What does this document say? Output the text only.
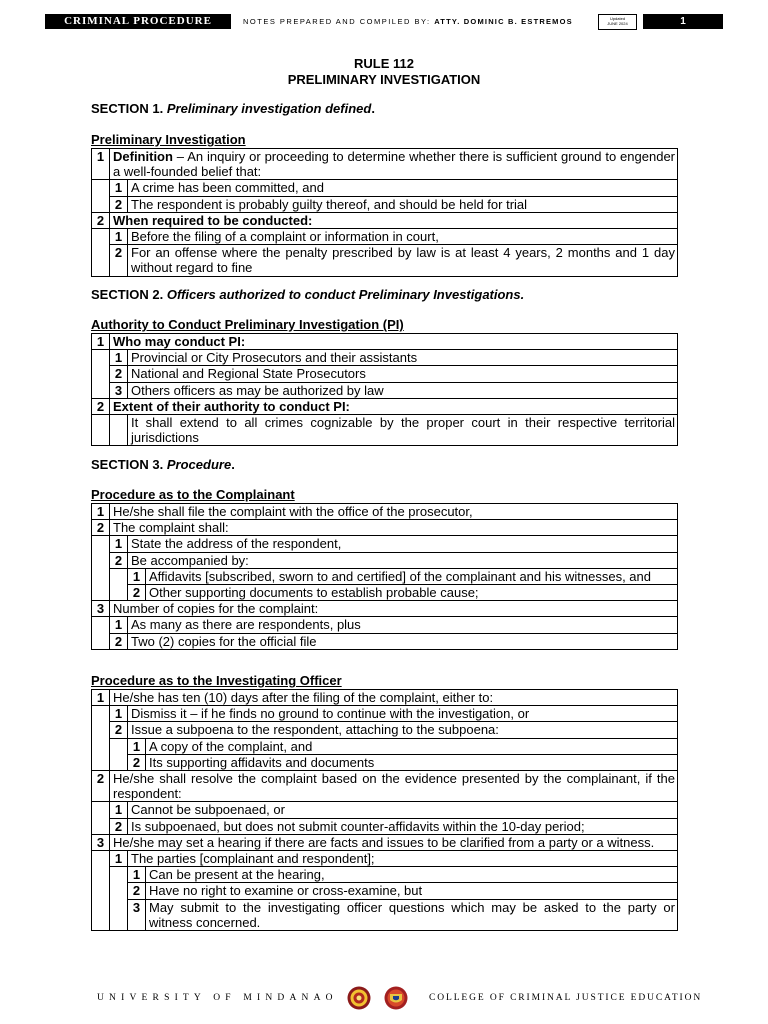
CRIMINAL PROCEDURE	NOTES PREPARED AND COMPILED BY: ATTY. DOMINIC B. ESTREMOS	Updated
JUNE 2024	1
RULE 112
PRELIMINARY INVESTIGATION
SECTION 1. Preliminary investigation defined.
Preliminary Investigation
1	Definition – An inquiry or proceeding to determine whether there is sufficient ground to engender a well-founded belief that:	
	1	A crime has been committed, and
	2	The respondent is probably guilty thereof, and should be held for trial
2	When required to be conducted:	
	1	Before the filing of a complaint or information in court,
	2	For an offense where the penalty prescribed by law is at least 4 years, 2 months and 1 day without regard to fine
SECTION 2. Officers authorized to conduct Preliminary Investigations.
Authority to Conduct Preliminary Investigation (PI)
1	Who may conduct PI:	
	1	Provincial or City Prosecutors and their assistants
	2	National and Regional State Prosecutors
	3	Others officers as may be authorized by law
2	Extent of their authority to conduct PI:	
		It shall extend to all crimes cognizable by the proper court in their respective territorial jurisdictions
SECTION 3. Procedure.
Procedure as to the Complainant
1	He/she shall file the complaint with the office of the prosecutor,		
2	The complaint shall:		
	1	State the address of the respondent,	
	2	Be accompanied by:	
		1	Affidavits [subscribed, sworn to and certified] of the complainant and his witnesses, and
		2	Other supporting documents to establish probable cause;
3	Number of copies for the complaint:		
	1	As many as there are respondents, plus	
	2	Two (2) copies for the official file	
Procedure as to the Investigating Officer
1	He/she has ten (10) days after the filing of the complaint, either to:		
	1	Dismiss it – if he finds no ground to continue with the investigation, or	
	2	Issue a subpoena to the respondent, attaching to the subpoena:	
		1	A copy of the complaint, and
		2	Its supporting affidavits and documents
2	He/she shall resolve the complaint based on the evidence presented by the complainant, if the respondent:		
	1	Cannot be subpoenaed, or	
	2	Is subpoenaed, but does not submit counter-affidavits within the 10-day period;	
3	He/she may set a hearing if there are facts and issues to be clarified from a party or a witness.		
	1	The parties [complainant and respondent];	
		1	Can be present at the hearing,
		2	Have no right to examine or cross-examine, but
		3	May submit to the investigating officer questions which may be asked to the party or witness concerned.
UNIVERSITY OF MINDANAO	COLLEGE OF CRIMINAL JUSTICE EDUCATION
